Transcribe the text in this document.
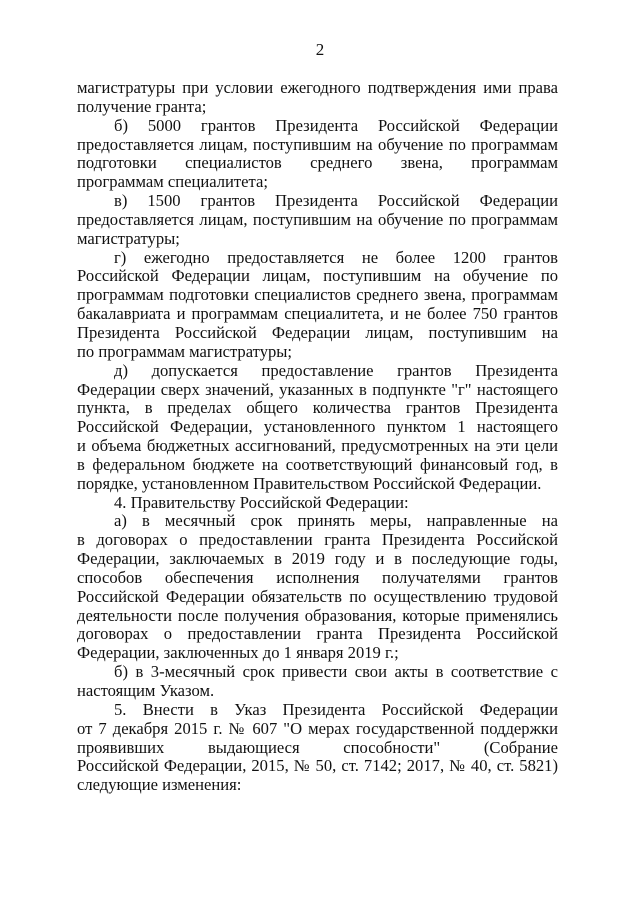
2
магистратуры при условии ежегодного подтверждения ими права
получение гранта;
б) 5000 грантов Президента Российской Федерации
предоставляется лицам, поступившим на обучение по программам
подготовки специалистов среднего звена, программам
программам специалитета;
в) 1500 грантов Президента Российской Федерации
предоставляется лицам, поступившим на обучение по программам
магистратуры;
г) ежегодно предоставляется не более 1200 грантов
Российской Федерации лицам, поступившим на обучение по
программам подготовки специалистов среднего звена, программам
бакалавриата и программам специалитета, и не более 750 грантов
Президента Российской Федерации лицам, поступившим на
по программам магистратуры;
д) допускается предоставление грантов Президента
Федерации сверх значений, указанных в подпункте "г" настоящего
пункта, в пределах общего количества грантов Президента
Российской Федерации, установленного пунктом 1 настоящего
и объема бюджетных ассигнований, предусмотренных на эти цели
в федеральном бюджете на соответствующий финансовый год, в
порядке, установленном Правительством Российской Федерации.
4. Правительству Российской Федерации:
а) в месячный срок принять меры, направленные на
в договорах о предоставлении гранта Президента Российской
Федерации, заключаемых в 2019 году и в последующие годы,
способов обеспечения исполнения получателями грантов
Российской Федерации обязательств по осуществлению трудовой
деятельности после получения образования, которые применялись
договорах о предоставлении гранта Президента Российской
Федерации, заключенных до 1 января 2019 г.;
б) в 3-месячный срок привести свои акты в соответствие с
настоящим Указом.
5. Внести в Указ Президента Российской Федерации
от 7 декабря 2015 г. № 607 "О мерах государственной поддержки
проявивших выдающиеся способности" (Собрание
Российской Федерации, 2015, № 50, ст. 7142; 2017, № 40, ст. 5821)
следующие изменения:
